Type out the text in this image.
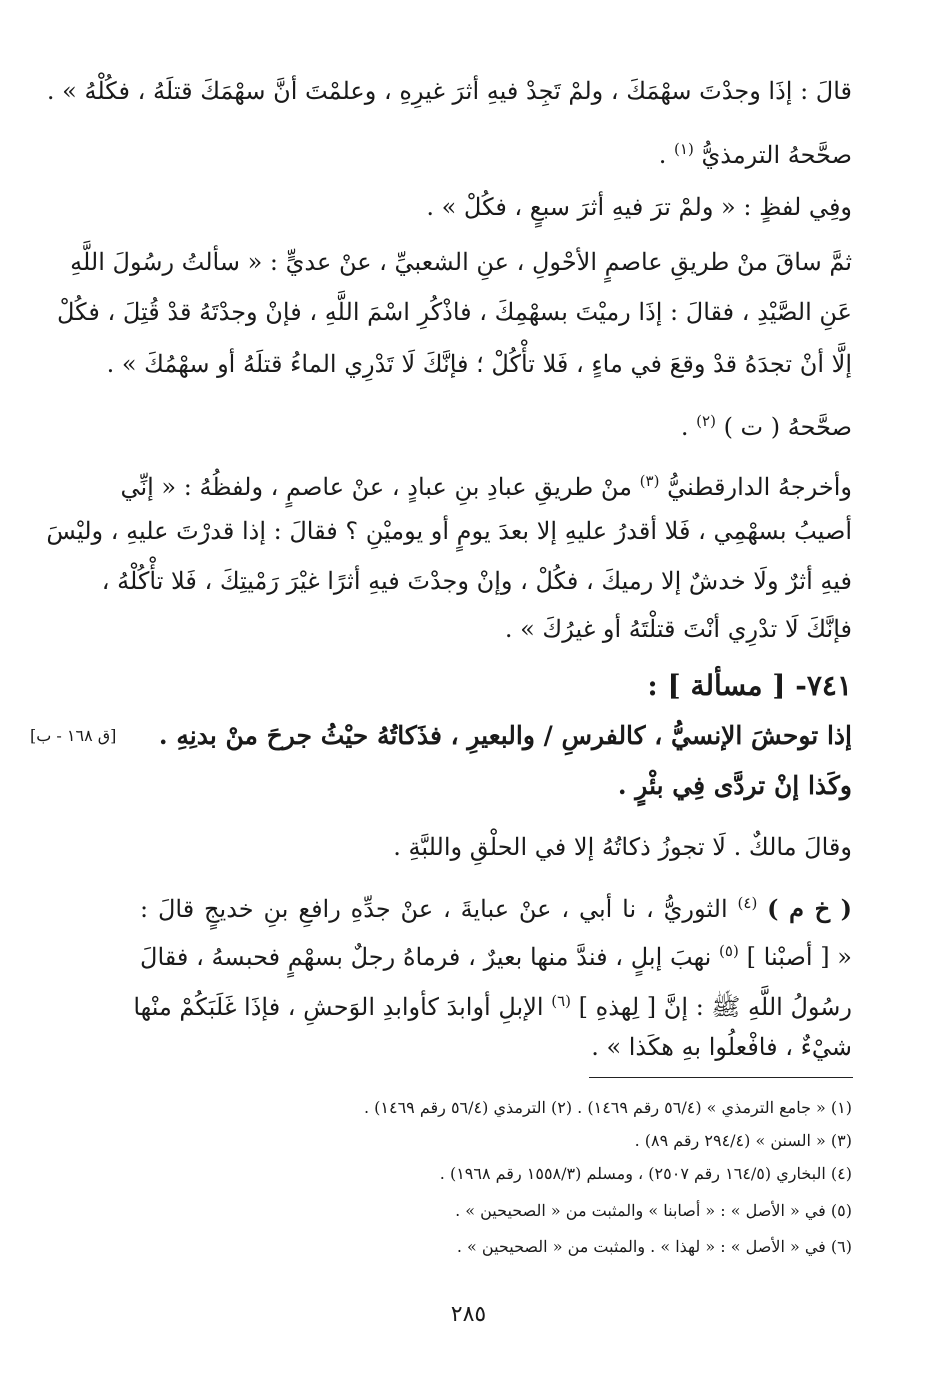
قالَ : إذَا وجدْتَ سهْمَكَ ، ولمْ تَجِدْ فيهِ أثرَ غيرِهِ ، وعلمْتَ أنَّ سهْمَكَ قتلَهُ ، فكُلْهُ » .
صحَّحهُ الترمذيُّ $^{(١)}$ .
وفِي لفظٍ : « ولمْ ترَ فيهِ أثرَ سبعٍ ، فكُلْ » .
ثمَّ ساقَ منْ طريقِ عاصمٍ الأحْولِ ، عنِ الشعبيِّ ، عنْ عديٍّ : « سألتُ رسُولَ اللَّهِ
عَنِ الصَّيْدِ ، فقالَ : إذَا رميْتَ بسهْمِكَ ، فاذْكُرِ اسْمَ اللَّهِ ، فإنْ وجدْتَهُ قدْ قُتِلَ ، فكُلْ
إلَّا أنْ تجدَهُ قدْ وقعَ في ماءٍ ، فَلا تأْكُلْ ؛ فإنَّكَ لَا تَدْرِي الماءُ قتلَهُ أو سهْمُكَ » .
صحَّحهُ ( ت ) $^{(٢)}$ .
وأخرجهُ الدارقطنيُّ $^{(٣)}$ منْ طريقِ عبادِ بنِ عبادٍ ، عنْ عاصمٍ ، ولفظُهُ : « إنِّي
أصيبُ بسهْمِي ، فَلا أقدرُ عليهِ إلا بعدَ يومٍ أو يوميْنِ ؟ فقالَ : إذا قدرْتَ عليهِ ، وليْسَ
فيهِ أثرٌ ولَا خدشٌ إلا رميكَ ، فكُلْ ، وإنْ وجدْتَ فيهِ أثرًا غيْرَ رَمْيتِكَ ، فَلا تأْكُلْهُ ،
فإنَّكَ لَا تدْرِي أنْتَ قتلْتَهُ أو غيرُكَ » .
٧٤١- [ مسألة ] :
إذا توحشَ الإنسيُّ ، كالفرسِ / والبعيرِ ، فذَكاتُهُ حيْثُ جرحَ منْ بدنِهِ .
[ق ١٦٨ - ب]
وكَذا إنْ تردَّى فِي بئْرٍ .
وقالَ مالكٌ . لَا تجوزُ ذكاتُهُ إلا في الحلْقِ واللبَّةِ .
( خ م ) $^{(٤)}$ الثوريُّ ، نا أبي ، عنْ عبايةَ ، عنْ جدِّهِ رافعِ بنِ خديجٍ قالَ :
« [ أصبْنا ] $^{(٥)}$ نهبَ إبلٍ ، فندَّ منها بعيرٌ ، فرماهُ رجلٌ بسهْمٍ فحبسهُ ، فقالَ
رسُولُ اللَّهِ ﷺ : إنَّ [ لِهذهِ ] $^{(٦)}$ الإبلِ أوابدَ كأوابدِ الوَحشِ ، فإذَا غَلَبَكُمْ منْها
شيْءٌ ، فافْعلُوا بهِ هكَذا » .
(١) « جامع الترمذي » (٥٦/٤ رقم ١٤٦٩) . (٢) الترمذي (٥٦/٤ رقم ١٤٦٩) .
(٣) « السنن » (٢٩٤/٤ رقم ٨٩) .
(٤) البخاري (١٦٤/٥ رقم ٢٥٠٧) ، ومسلم (١٥٥٨/٣ رقم ١٩٦٨) .
(٥) في « الأصل » : « أصابنا » والمثبت من « الصحيحين » .
(٦) في « الأصل » : « لهذا » . والمثبت من « الصحيحين » .
٢٨٥
